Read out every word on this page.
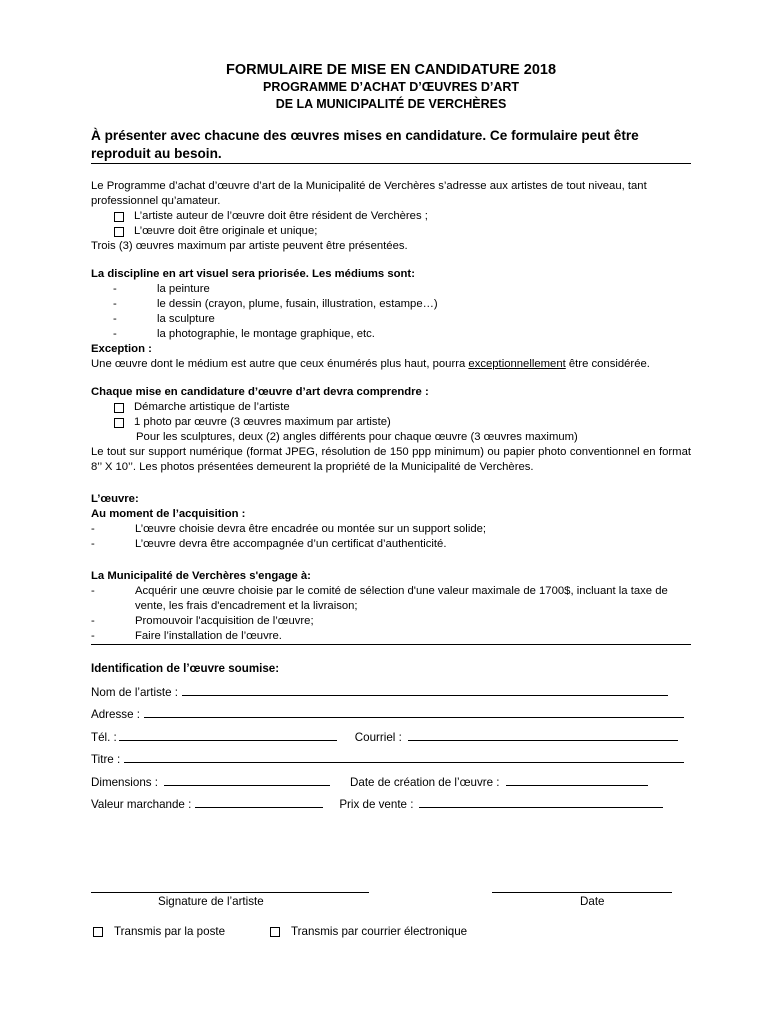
FORMULAIRE DE MISE EN CANDIDATURE 2018
PROGRAMME D’ACHAT D’ŒUVRES D’ART
DE LA MUNICIPALITÉ DE VERCHÈRES
À présenter avec chacune des œuvres mises en candidature. Ce formulaire peut être reproduit au besoin.
Le Programme d’achat d’œuvre d’art de la Municipalité de Verchères s’adresse aux artistes de tout niveau, tant professionnel qu’amateur.
L’artiste auteur de l’œuvre doit être résident de Verchères ;
L’œuvre doit être originale et unique;
Trois (3) œuvres maximum par artiste peuvent être présentées.
La discipline en art visuel sera priorisée. Les médiums sont:
-	la peinture
-	le dessin (crayon, plume, fusain, illustration, estampe…)
-	la sculpture
-	la photographie, le montage graphique, etc.
Exception :
Une œuvre dont le médium est autre que ceux énumérés plus haut, pourra exceptionnellement être considérée.
Chaque mise en candidature d’œuvre d’art devra comprendre :
Démarche artistique de l’artiste
1 photo par œuvre (3 œuvres maximum par artiste)
Pour les sculptures, deux (2) angles différents pour chaque œuvre (3 œuvres maximum)
Le tout sur support numérique (format JPEG, résolution de 150 ppp minimum) ou papier photo conventionnel en format 8’’ X 10’’. Les photos présentées demeurent la propriété de la Municipalité de Verchères.
L’œuvre:
Au moment de l’acquisition :
-	L’œuvre choisie devra être encadrée ou montée sur un support solide;
-	L’œuvre devra être accompagnée d’un certificat d’authenticité.
La Municipalité de Verchères s'engage à:
-	Acquérir une œuvre choisie par le comité de sélection d'une valeur maximale de 1700$, incluant la taxe de vente, les frais d'encadrement et la livraison;
-	Promouvoir l'acquisition de l’œuvre;
-	Faire l’installation de l’œuvre.
Identification de l’œuvre soumise:
Nom de l’artiste :
Adresse :
Tél. :	Courriel :
Titre :
Dimensions :	Date de création de l’œuvre :
Valeur marchande :	Prix de vente :
Signature de l’artiste	Date
Transmis par la poste	Transmis par courrier électronique
